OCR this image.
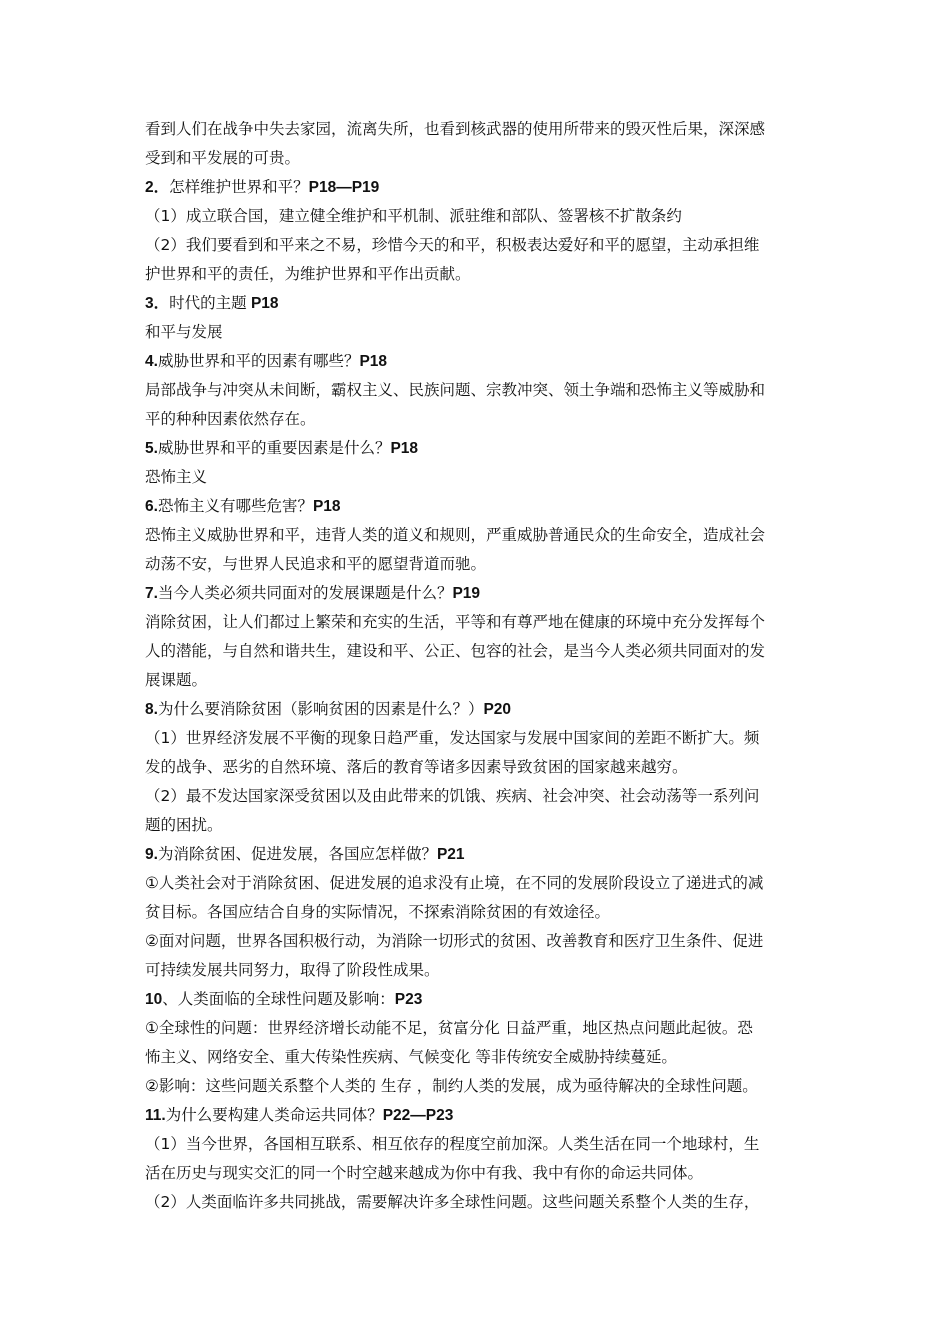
看到人们在战争中失去家园，流离失所，也看到核武器的使用所带来的毁灭性后果，深深感
受到和平发展的可贵。
2．怎样维护世界和平？P18—P19
（1）成立联合国，建立健全维护和平机制、派驻维和部队、签署核不扩散条约
（2）我们要看到和平来之不易，珍惜今天的和平，积极表达爱好和平的愿望，主动承担维
护世界和平的责任，为维护世界和平作出贡献。
3．时代的主题 P18
和平与发展
4.威胁世界和平的因素有哪些？P18
局部战争与冲突从未间断，霸权主义、民族问题、宗教冲突、领土争端和恐怖主义等威胁和
平的种种因素依然存在。
5.威胁世界和平的重要因素是什么？P18
恐怖主义
6.恐怖主义有哪些危害？P18
恐怖主义威胁世界和平，违背人类的道义和规则，严重威胁普通民众的生命安全，造成社会
动荡不安，与世界人民追求和平的愿望背道而驰。
7.当今人类必须共同面对的发展课题是什么？P19
消除贫困，让人们都过上繁荣和充实的生活，平等和有尊严地在健康的环境中充分发挥每个
人的潜能，与自然和谐共生，建设和平、公正、包容的社会，是当今人类必须共同面对的发
展课题。
8.为什么要消除贫困（影响贫困的因素是什么？）P20
（1）世界经济发展不平衡的现象日趋严重，发达国家与发展中国家间的差距不断扩大。频
发的战争、恶劣的自然环境、落后的教育等诸多因素导致贫困的国家越来越穷。
（2）最不发达国家深受贫困以及由此带来的饥饿、疾病、社会冲突、社会动荡等一系列问
题的困扰。
9.为消除贫困、促进发展，各国应怎样做？P21
①人类社会对于消除贫困、促进发展的追求没有止境，在不同的发展阶段设立了递进式的减
贫目标。各国应结合自身的实际情况，不探索消除贫困的有效途径。
②面对问题，世界各国积极行动，为消除一切形式的贫困、改善教育和医疗卫生条件、促进
可持续发展共同努力，取得了阶段性成果。
10、人类面临的全球性问题及影响：P23
①全球性的问题：世界经济增长动能不足，贫富分化 日益严重，地区热点问题此起彼。恐
怖主义、网络安全、重大传染性疾病、气候变化 等非传统安全威胁持续蔓延。
②影响：这些问题关系整个人类的 生存 ，制约人类的发展，成为亟待解决的全球性问题。
11.为什么要构建人类命运共同体？P22—P23
（1）当今世界，各国相互联系、相互依存的程度空前加深。人类生活在同一个地球村，生
活在历史与现实交汇的同一个时空越来越成为你中有我、我中有你的命运共同体。
（2）人类面临许多共同挑战，需要解决许多全球性问题。这些问题关系整个人类的生存，
